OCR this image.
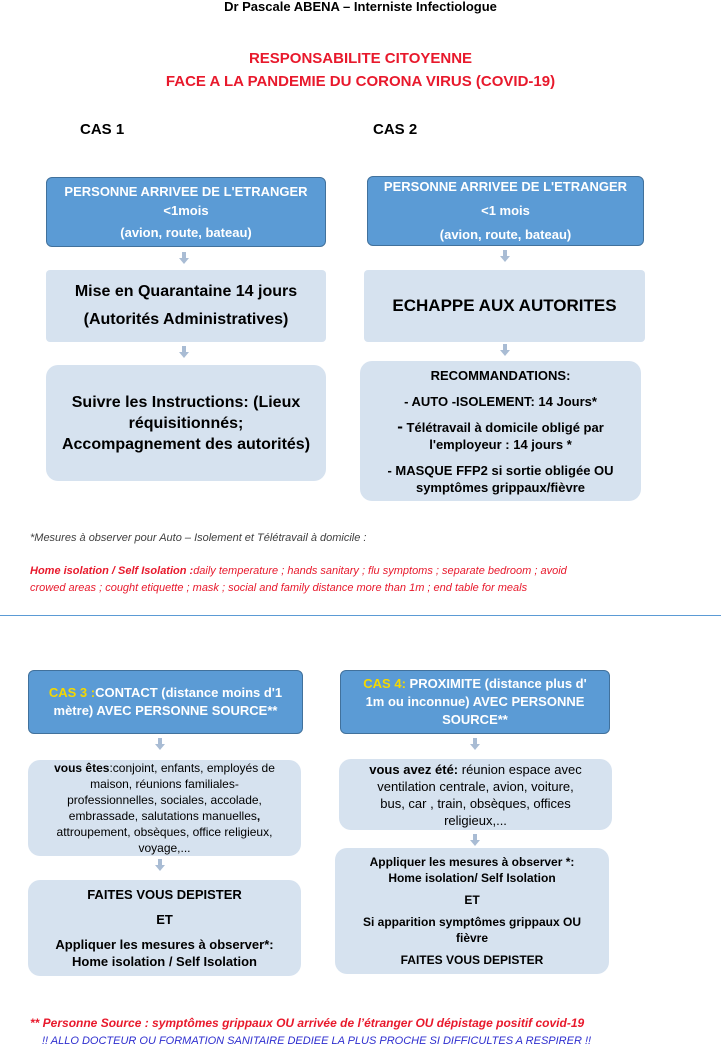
Dr Pascale ABENA – Interniste Infectiologue
RESPONSABILITE CITOYENNE
FACE A LA PANDEMIE DU CORONA VIRUS (COVID-19)
CAS 1

PERSONNE ARRIVEE DE L'ETRANGER

<1mois

(avion, route, bateau)

Mise en Quarantaine 14 jours

(Autorités Administratives)

Suivre les Instructions: (Lieux

réquisitionnés;

Accompagnement des autorités)

CAS 2

PERSONNE ARRIVEE DE L'ETRANGER

<1 mois

(avion, route, bateau)

ECHAPPE AUX AUTORITES

RECOMMANDATIONS:

- AUTO -ISOLEMENT: 14 Jours*

- Télétravail à domicile obligé par

l'employeur : 14 jours *

- MASQUE FFP2 si sortie obligée OU

symptômes grippaux/fièvre

*Mesures à observer pour Auto – Isolement et Télétravail à domicile :
Home isolation / Self Isolation :daily temperature ; hands sanitary ; flu symptoms ; separate bedroom ; avoid
crowed areas ; cought etiquette ; mask ; social and family distance more than 1m ; end table for meals

CAS 3 :CONTACT (distance moins d'1

mètre) AVEC PERSONNE SOURCE**

vous êtes:conjoint, enfants, employés de

maison, réunions familiales-

professionnelles, sociales, accolade,

embrassade, salutations manuelles,

attroupement, obsèques, office religieux,

voyage,...

FAITES VOUS DEPISTER

ET

Appliquer les mesures à observer*:

Home isolation / Self Isolation

CAS 4: PROXIMITE (distance plus d'

1m ou inconnue) AVEC PERSONNE

SOURCE**

vous avez été: réunion espace avec

ventilation centrale, avion, voiture,

bus, car , train, obsèques, offices

religieux,...

Appliquer les mesures à observer *:

Home isolation/ Self Isolation

ET

Si apparition symptômes grippaux OU

fièvre

FAITES VOUS DEPISTER

** Personne Source : symptômes grippaux OU arrivée de l’étranger OU dépistage positif covid-19
!! ALLO DOCTEUR OU FORMATION SANITAIRE DEDIEE LA PLUS PROCHE SI DIFFICULTES A RESPIRER !!
